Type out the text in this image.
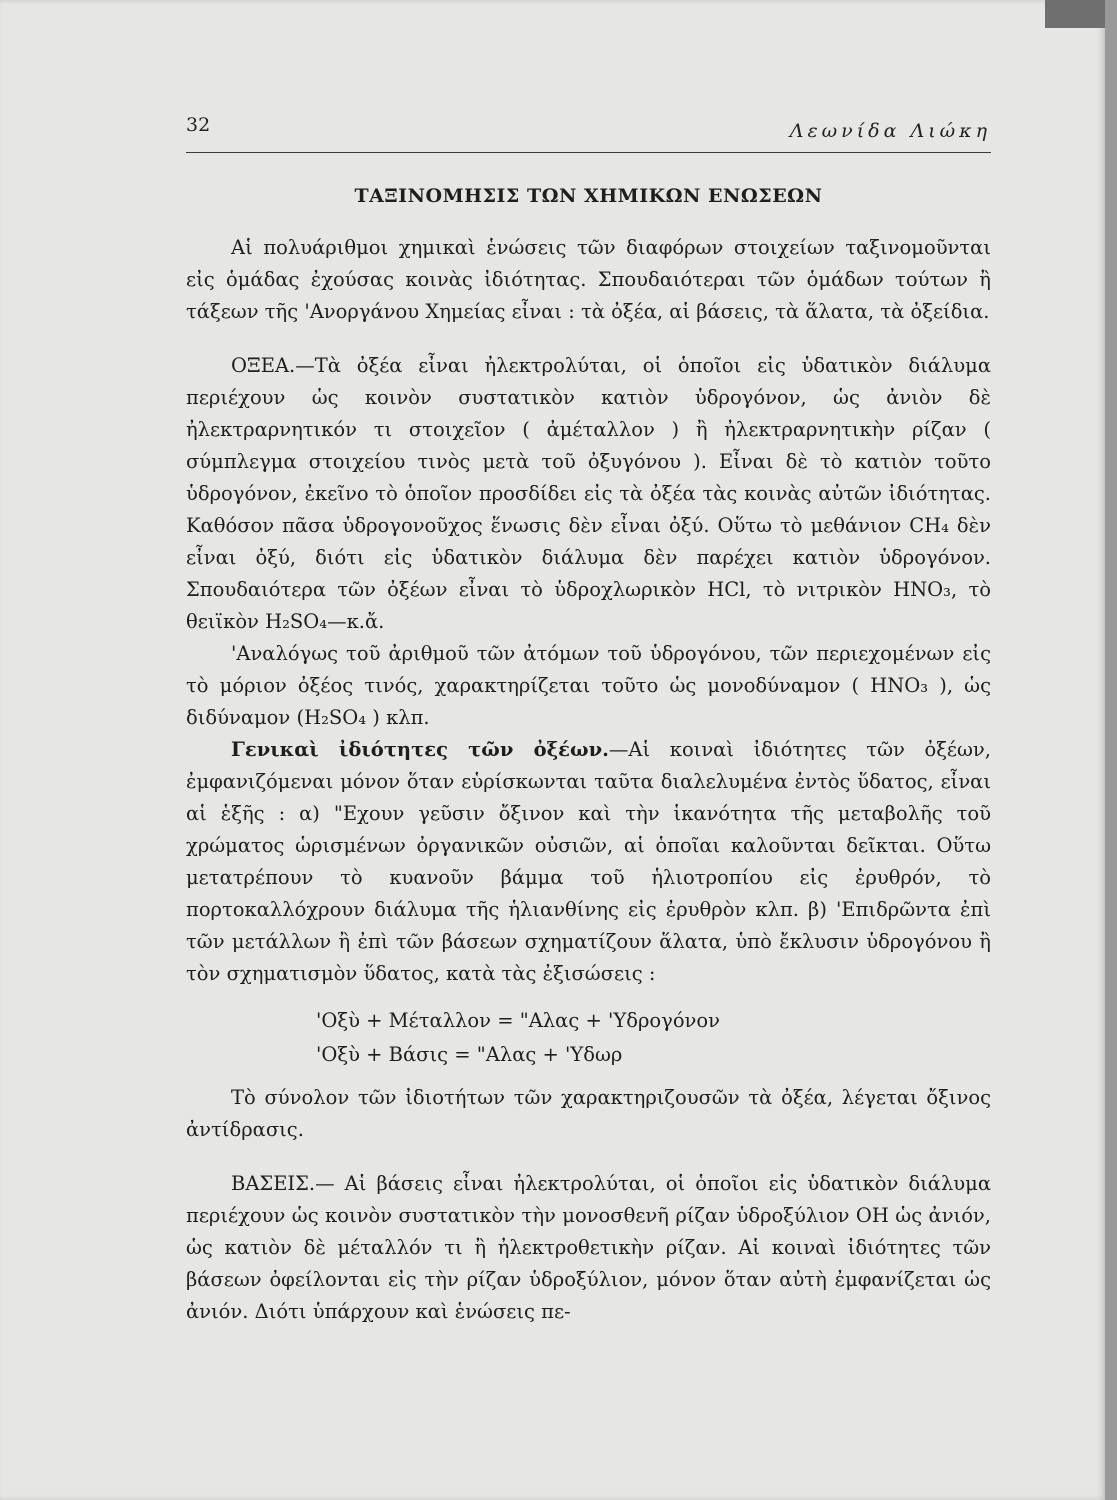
32	Λεωνίδα Λιώκη
ΤΑΞΙΝΟΜΗΣΙΣ ΤΩΝ ΧΗΜΙΚΩΝ ΕΝΩΣΕΩΝ

Αἱ πολυάριθμοι χημικαὶ ἑνώσεις τῶν διαφόρων στοιχείων ταξινομοῦνται εἰς ὁμάδας ἐχούσας κοινὰς ἰδιότητας. Σπουδαιότεραι τῶν ὁμάδων τούτων ἢ τάξεων τῆς 'Ανοργάνου Χημείας εἶναι : τὰ ὀξέα, αἱ βάσεις, τὰ ἅλατα, τὰ ὀξείδια.

ΟΞΕΑ.—Τὰ ὀξέα εἶναι ἠλεκτρολύται, οἱ ὁποῖοι εἰς ὑδατικὸν διάλυμα περιέχουν ὡς κοινὸν συστατικὸν κατιὸν ὑδρογόνον, ὡς ἀνιὸν δὲ ἠλεκτραρνητικόν τι στοιχεῖον ( ἀμέταλλον ) ἢ ἠλεκτραρνητικὴν ρίζαν ( σύμπλεγμα στοιχείου τινὸς μετὰ τοῦ ὀξυγόνου ). Εἶναι δὲ τὸ κατιὸν τοῦτο ὑδρογόνον, ἐκεῖνο τὸ ὁποῖον προσδίδει εἰς τὰ ὀξέα τὰς κοινὰς αὐτῶν ἰδιότητας. Καθόσον πᾶσα ὑδρογονοῦχος ἕνωσις δὲν εἶναι ὀξύ. Οὕτω τὸ μεθάνιον CH₄ δὲν εἶναι ὀξύ, διότι εἰς ὑδατικὸν διάλυμα δὲν παρέχει κατιὸν ὑδρογόνον. Σπουδαιότερα τῶν ὀξέων εἶναι τὸ ὑδροχλωρικὸν HCl, τὸ νιτρικὸν HNO₃, τὸ θειϊκὸν H₂SO₄—κ.ἄ.

'Αναλόγως τοῦ ἀριθμοῦ τῶν ἀτόμων τοῦ ὑδρογόνου, τῶν περιεχομένων εἰς τὸ μόριον ὀξέος τινός, χαρακτηρίζεται τοῦτο ὡς μονοδύναμον ( HNO₃ ), ὡς διδύναμον (H₂SO₄ ) κλπ.

Γενικαὶ ἰδιότητες τῶν ὀξέων.—Αἱ κοιναὶ ἰδιότητες τῶν ὀξέων, ἐμφανιζόμεναι μόνον ὅταν εὑρίσκωνται ταῦτα διαλελυμένα ἐντὸς ὕδατος, εἶναι αἱ ἑξῆς : α) "Εχουν γεῦσιν ὄξινον καὶ τὴν ἱκανότητα τῆς μεταβολῆς τοῦ χρώματος ὡρισμένων ὀργανικῶν οὐσιῶν, αἱ ὁποῖαι καλοῦνται δεῖκται. Οὕτω μετατρέπουν τὸ κυανοῦν βάμμα τοῦ ἡλιοτροπίου εἰς ἐρυθρόν, τὸ πορτοκαλλόχρουν διάλυμα τῆς ἡλιανθίνης εἰς ἐρυθρὸν κλπ. β) 'Επιδρῶντα ἐπὶ τῶν μετάλλων ἢ ἐπὶ τῶν βάσεων σχηματίζουν ἅλατα, ὑπὸ ἔκλυσιν ὑδρογόνου ἢ τὸν σχηματισμὸν ὕδατος, κατὰ τὰς ἐξισώσεις :

'Οξὺ + Μέταλλον = "Αλας + 'Υδρογόνον
'Οξὺ + Βάσις = "Αλας + 'Υδωρ

Τὸ σύνολον τῶν ἰδιοτήτων τῶν χαρακτηριζουσῶν τὰ ὀξέα, λέγεται ὄξινος ἀντίδρασις.

ΒΑΣΕΙΣ.— Αἱ βάσεις εἶναι ἠλεκτρολύται, οἱ ὁποῖοι εἰς ὑδατικὸν διάλυμα περιέχουν ὡς κοινὸν συστατικὸν τὴν μονοσθενῆ ρίζαν ὑδροξύλιον OH ὡς ἀνιόν, ὡς κατιὸν δὲ μέταλλόν τι ἢ ἠλεκτροθετικὴν ρίζαν. Αἱ κοιναὶ ἰδιότητες τῶν βάσεων ὀφείλονται εἰς τὴν ρίζαν ὑδροξύλιον, μόνον ὅταν αὐτὴ ἐμφανίζεται ὡς ἀνιόν. Διότι ὑπάρχουν καὶ ἑνώσεις πε-
